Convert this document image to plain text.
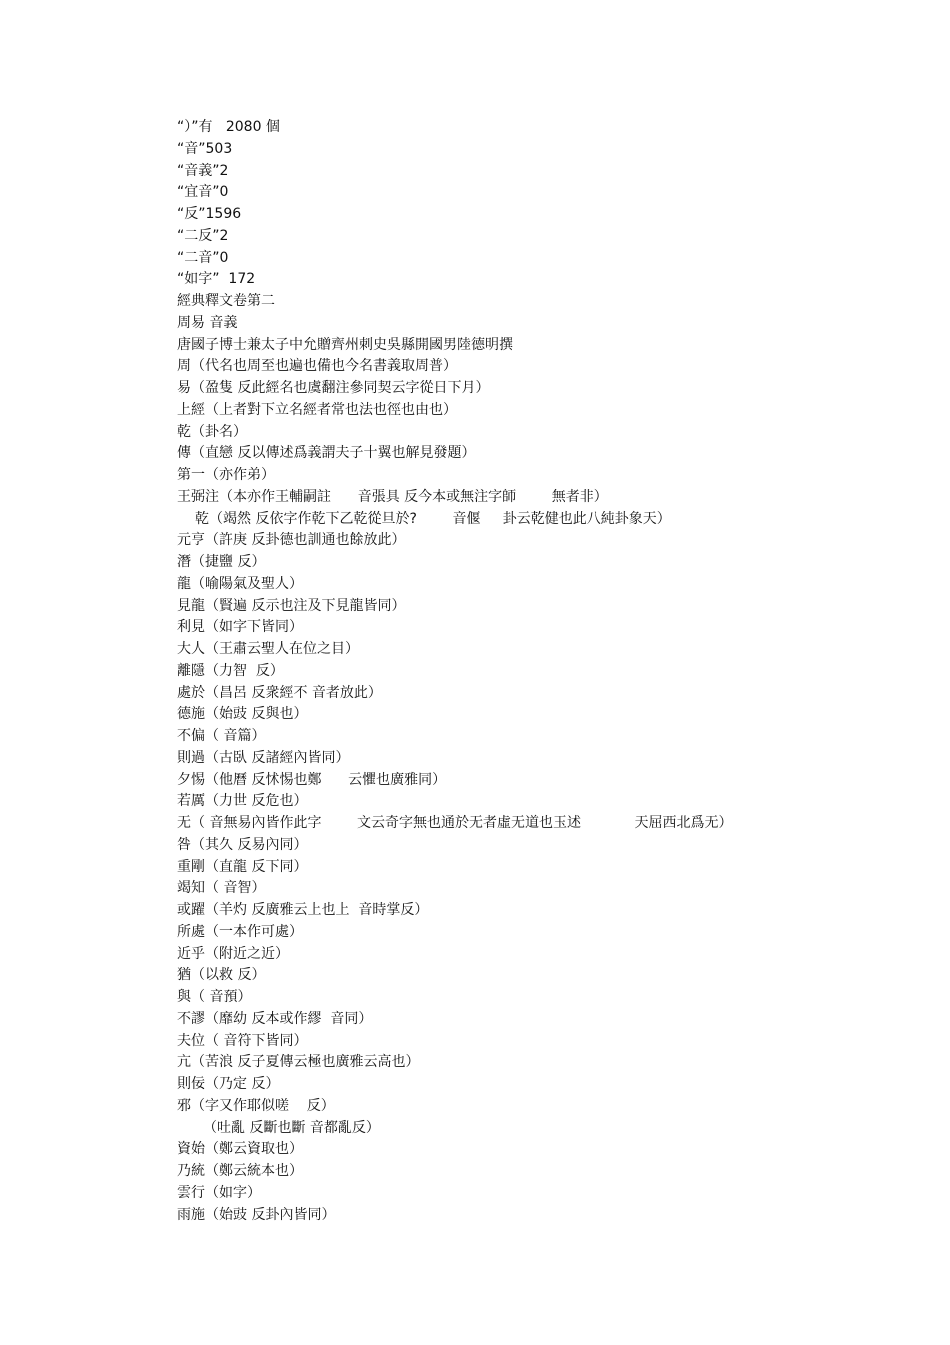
“）”有   2080 個
“音”503
“音義”2
“宜音”0
“反”1596
“二反”2
“二音”0
“如字”  172
經典釋文卷第二
周易 音義
唐國子博士兼太子中允贈齊州刺史吳縣開國男陸德明撰
周（代名也周至也遍也備也今名書義取周普）
易（盈隻 反此經名也虞翻注參同契云字從日下月）
上經（上者對下立名經者常也法也徑也由也）
乾（卦名）
傳（直戀 反以傳述爲義謂夫子十翼也解見發題）
第一（亦作弟）
王弼注（本亦作王輔嗣註      音張具 反今本或無注字師        無者非）
乾（竭然 反依字作乾下乙乾從旦於?        音偃     卦云乾健也此八純卦象天）
元亨（許庚 反卦德也訓通也餘放此）
潛（捷鹽 反）
龍（喻陽氣及聖人）
見龍（賢遍 反示也注及下見龍皆同）
利見（如字下皆同）
大人（王肅云聖人在位之目）
離隱（力智  反）
處於（昌呂 反衆經不 音者放此）
德施（始豉 反與也）
不偏（ 音篇）
則過（古臥 反諸經內皆同）
夕惕（他曆 反怵惕也鄭      云懼也廣雅同）
若厲（力世 反危也）
无（ 音無易內皆作此字        文云奇字無也通於无者虛无道也玉述            天屈西北爲无）
咎（其久 反易內同）
重剛（直龍 反下同）
竭知（ 音智）
或躍（羊灼 反廣雅云上也上  音時掌反）
所處（一本作可處）
近乎（附近之近）
猶（以救 反）
與（ 音預）
不謬（靡幼 反本或作繆  音同）
夫位（ 音符下皆同）
亢（苦浪 反子夏傳云極也廣雅云高也）
則佞（乃定 反）
邪（字又作耶似嗟    反）
（吐亂 反斷也斷 音都亂反）
資始（鄭云資取也）
乃統（鄭云統本也）
雲行（如字）
雨施（始豉 反卦內皆同）
